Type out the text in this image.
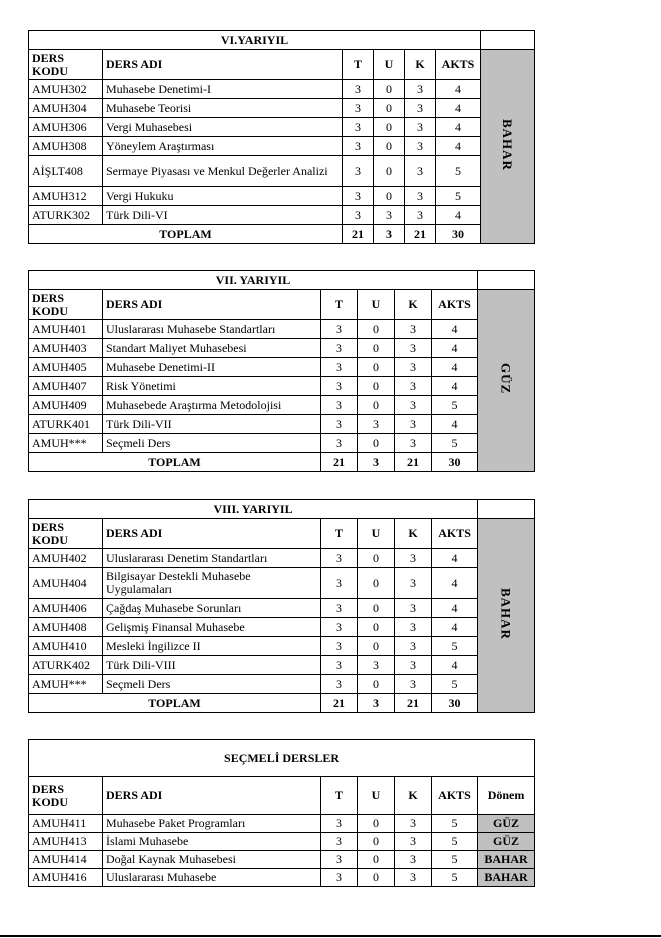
VI.YARIYIL						
DERS
KODU	DERS ADI	T	U	K	AKTS	BAHAR
AMUH302	Muhasebe Denetimi-I	3	0	3	4	
AMUH304	Muhasebe Teorisi	3	0	3	4	
AMUH306	Vergi Muhasebesi	3	0	3	4	
AMUH308	Yöneylem Araştırması	3	0	3	4	
AİŞLT408	Sermaye Piyasası ve Menkul Değerler Analizi	3	0	3	5	
AMUH312	Vergi Hukuku	3	0	3	5	
ATURK302	Türk Dili-VI	3	3	3	4	
TOPLAM		21	3	21	30	
VII. YARIYIL						
DERS
KODU	DERS ADI	T	U	K	AKTS	GÜZ
AMUH401	Uluslararası Muhasebe Standartları	3	0	3	4	
AMUH403	Standart Maliyet Muhasebesi	3	0	3	4	
AMUH405	Muhasebe Denetimi-II	3	0	3	4	
AMUH407	Risk Yönetimi	3	0	3	4	
AMUH409	Muhasebede Araştırma Metodolojisi	3	0	3	5	
ATURK401	Türk Dili-VII	3	3	3	4	
AMUH***	Seçmeli Ders	3	0	3	5	
TOPLAM		21	3	21	30	
VIII. YARIYIL						
DERS
KODU	DERS ADI	T	U	K	AKTS	BAHAR
AMUH402	Uluslararası Denetim Standartları	3	0	3	4	
AMUH404	Bilgisayar Destekli Muhasebe Uygulamaları	3	0	3	4	
AMUH406	Çağdaş Muhasebe Sorunları	3	0	3	4	
AMUH408	Gelişmiş Finansal Muhasebe	3	0	3	4	
AMUH410	Mesleki İngilizce II	3	0	3	5	
ATURK402	Türk Dili-VIII	3	3	3	4	
AMUH***	Seçmeli Ders	3	0	3	5	
TOPLAM		21	3	21	30	
SEÇMELİ DERSLER						
DERS
KODU	DERS ADI	T	U	K	AKTS	Dönem
AMUH411	Muhasebe Paket Programları	3	0	3	5	GÜZ
AMUH413	İslami Muhasebe	3	0	3	5	GÜZ
AMUH414	Doğal Kaynak Muhasebesi	3	0	3	5	BAHAR
AMUH416	Uluslararası Muhasebe	3	0	3	5	BAHAR
